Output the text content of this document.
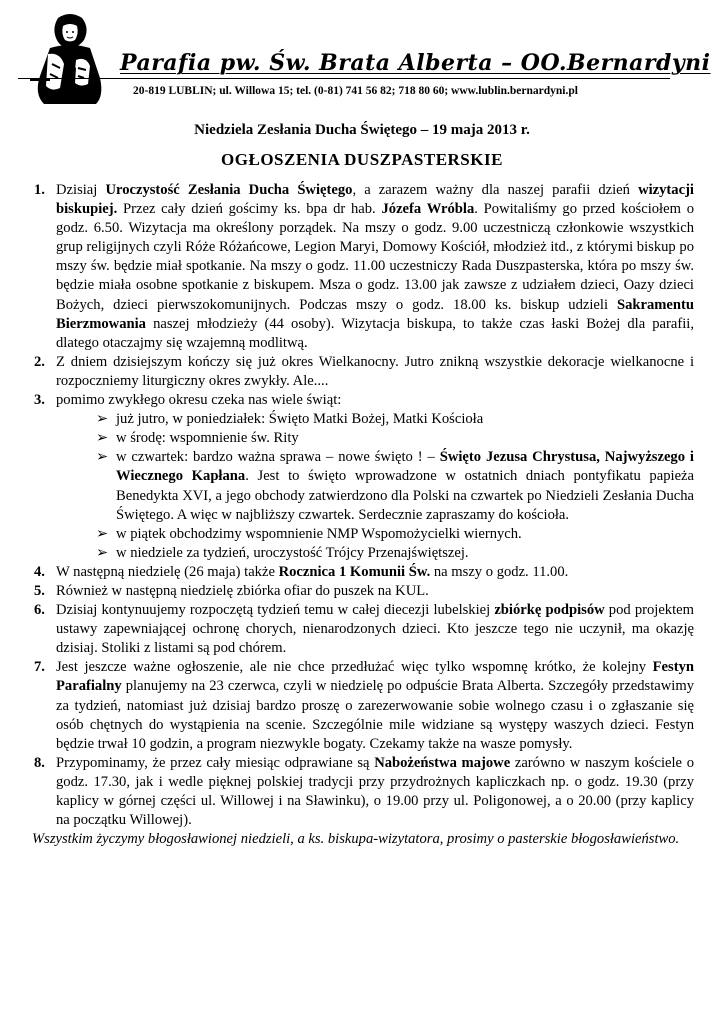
Parafia pw. Św. Brata Alberta – OO.Bernardyni
20-819 LUBLIN; ul. Willowa 15; tel. (0-81) 741 56 82; 718 80 60; www.lublin.bernardyni.pl
Niedziela Zesłania Ducha Świętego – 19 maja 2013 r.
OGŁOSZENIA DUSZPASTERSKIE
1. Dzisiaj Uroczystość Zesłania Ducha Świętego, a zarazem ważny dla naszej parafii dzień wizytacji biskupiej. Przez cały dzień gościmy ks. bpa dr hab. Józefa Wróbla. Powitaliśmy go przed kościołem o godz. 6.50. Wizytacja ma określony porządek. Na mszy o godz. 9.00 uczestniczą członkowie wszystkich grup religijnych czyli Róże Różańcowe, Legion Maryi, Domowy Kościół, młodzież itd., z którymi biskup po mszy św. będzie miał spotkanie. Na mszy o godz. 11.00 uczestniczy Rada Duszpasterska, która po mszy św. będzie miała osobne spotkanie z biskupem. Msza o godz. 13.00 jak zawsze z udziałem dzieci, Oazy dzieci Bożych, dzieci pierwszokomunijnych. Podczas mszy o godz. 18.00 ks. biskup udzieli Sakramentu Bierzmowania naszej młodzieży (44 osoby). Wizytacja biskupa, to także czas łaski Bożej dla parafii, dlatego otaczajmy się wzajemną modlitwą.
2. Z dniem dzisiejszym kończy się już okres Wielkanocny. Jutro znikną wszystkie dekoracje wielkanocne i rozpoczniemy liturgiczny okres zwykły. Ale....
3. pomimo zwykłego okresu czeka nas wiele świąt:
➢ już jutro, w poniedziałek: Święto Matki Bożej, Matki Kościoła
➢ w środę: wspomnienie św. Rity
➢ w czwartek: bardzo ważna sprawa – nowe święto ! – Święto Jezusa Chrystusa, Najwyższego i Wiecznego Kapłana. Jest to święto wprowadzone w ostatnich dniach pontyfikatu papieża Benedykta XVI, a jego obchody zatwierdzono dla Polski na czwartek po Niedzieli Zesłania Ducha Świętego. A więc w najbliższy czwartek. Serdecznie zapraszamy do kościoła.
➢ w piątek obchodzimy wspomnienie NMP Wspomożycielki wiernych.
➢ w niedziele za tydzień, uroczystość Trójcy Przenajświętszej.
4. W następną niedzielę (26 maja) także Rocznica 1 Komunii Św. na mszy o godz. 11.00.
5. Również w następną niedzielę zbiórka ofiar do puszek na KUL.
6. Dzisiaj kontynuujemy rozpoczętą tydzień temu w całej diecezji lubelskiej zbiórkę podpisów pod projektem ustawy zapewniającej ochronę chorych, nienarodzonych dzieci. Kto jeszcze tego nie uczynił, ma okazję dzisiaj. Stoliki z listami są pod chórem.
7. Jest jeszcze ważne ogłoszenie, ale nie chce przedłużać więc tylko wspomnę krótko, że kolejny Festyn Parafialny planujemy na 23 czerwca, czyli w niedzielę po odpuście Brata Alberta. Szczegóły przedstawimy za tydzień, natomiast już dzisiaj bardzo proszę o zarezerwowanie sobie wolnego czasu i o zgłaszanie się osób chętnych do wystąpienia na scenie. Szczególnie mile widziane są występy waszych dzieci. Festyn będzie trwał 10 godzin, a program niezwykle bogaty. Czekamy także na wasze pomysły.
8. Przypominamy, że przez cały miesiąc odprawiane są Nabożeństwa majowe zarówno w naszym kościele o godz. 17.30, jak i wedle pięknej polskiej tradycji przy przydrożnych kapliczkach np. o godz. 19.30 (przy kaplicy w górnej części ul. Willowej i na Sławinku), o 19.00 przy ul. Poligonowej, a o 20.00 (przy kaplicy na początku Willowej).
Wszystkim życzymy błogosławionej niedzieli, a ks. biskupa-wizytatora, prosimy o pasterskie błogosławieństwo.
